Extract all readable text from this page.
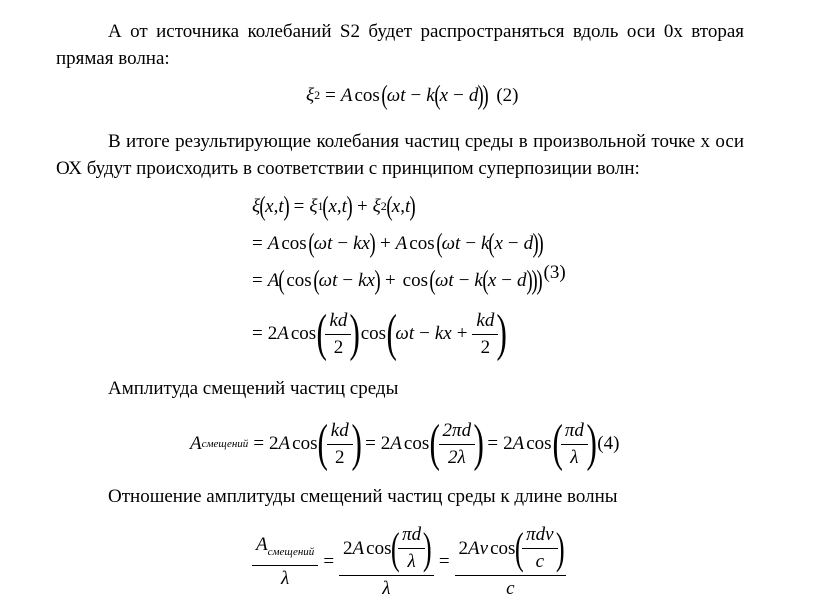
А от источника колебаний S2 будет распространяться вдоль оси 0х вторая прямая волна:

ξ 2 = A cos ( ω t − k ( x − d )
) (2)

В итоге результирующие колебания частиц среды в произвольной точке х оси ОХ будут происходить в соответствии с принципом суперпозиции волн:

ξ ( x , t ) = ξ 1 ( x , t ) + ξ 2 ( x , t )
= A cos ( ω t − kx ) + A cos ( ω t − k ( x − d )
)
= A ( cos ( ω t − kx ) + cos ( ω t − k ( x − d )
)
) (3)
= 2 A cos ( $\frac{kd}{2}$ ) cos (
ω t − kx + $\frac{kd}{2}$ )

Амплитуда смещений частиц среды

A смещений = 2 A cos ( $\frac{kd}{2}$ ) = 2 A cos ( $\frac{2\pi d}{2\lambda}$ ) = 2 A cos ( $\frac{\pi d}{\lambda}$ ) (4)

Отношение амплитуды смещений частиц среды к длине волны

$\frac{A_{смещений}}{\lambda} = \frac{2A \cos ( \frac{\pi d}{\lambda} )}{\lambda} = \frac{2 A \nu \cos ( \frac{\text{πdν}}{c} )}{c}$
